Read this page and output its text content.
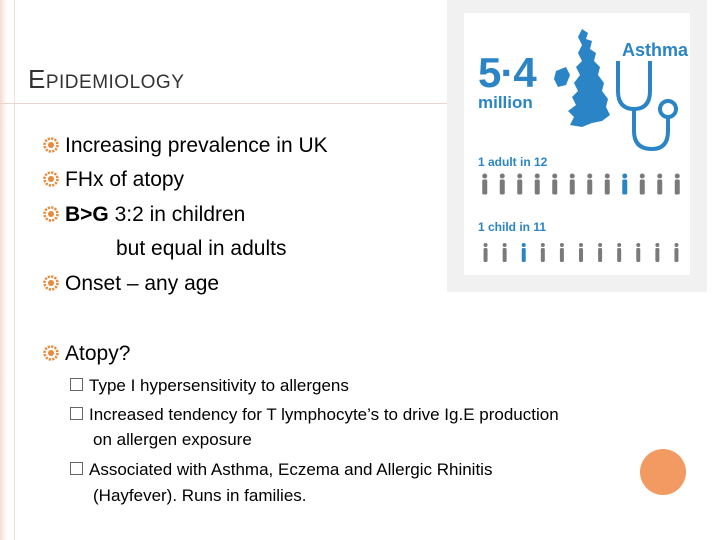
EPIDEMIOLOGY
Increasing prevalence in UK
FHx of atopy
B>G 3:2 in children
but equal in adults
Onset – any age
Atopy?
Type I hypersensitivity to allergens
Increased tendency for T lymphocyte’s to drive Ig.E production
on allergen exposure
Associated with Asthma, Eczema and Allergic Rhinitis
(Hayfever). Runs in families.
5·4
million
Asthma
1 adult in 12
1 child in 11
